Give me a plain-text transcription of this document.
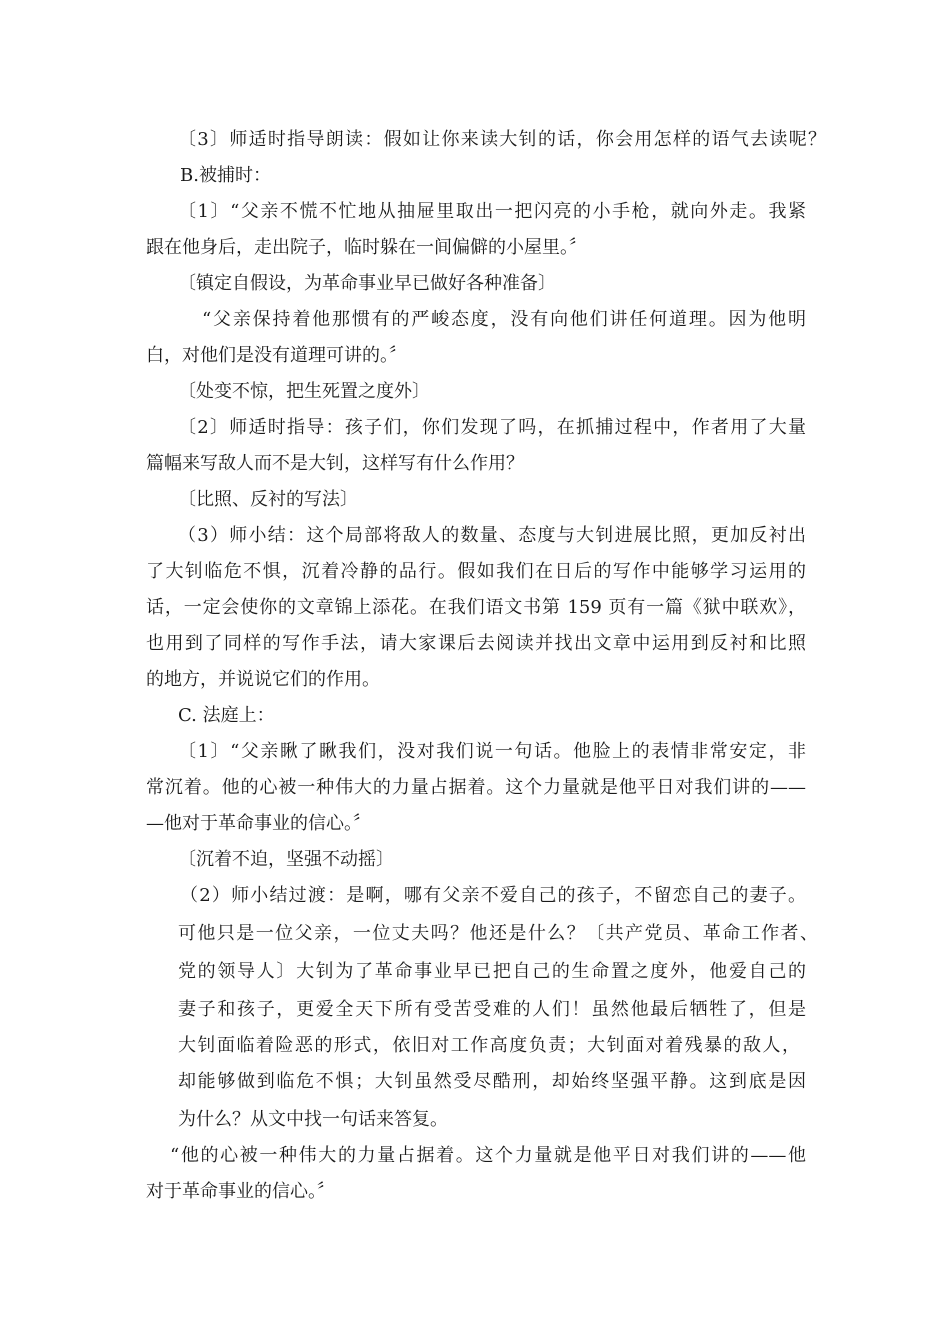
〔3〕师适时指导朗读：假如让你来读大钊的话，你会用怎样的语气去读呢？
B.被捕时：
〔1〕“父亲不慌不忙地从抽屉里取出一把闪亮的小手枪，就向外走。我紧
跟在他身后，走出院子，临时躲在一间偏僻的小屋里。〞
〔镇定自假设，为革命事业早已做好各种准备〕
“父亲保持着他那惯有的严峻态度，没有向他们讲任何道理。因为他明
白，对他们是没有道理可讲的。〞
〔处变不惊，把生死置之度外〕
〔2〕师适时指导：孩子们，你们发现了吗，在抓捕过程中，作者用了大量
篇幅来写敌人而不是大钊，这样写有什么作用？
〔比照、反衬的写法〕
（3）师小结：这个局部将敌人的数量、态度与大钊进展比照，更加反衬出
了大钊临危不惧，沉着冷静的品行。假如我们在日后的写作中能够学习运用的
话，一定会使你的文章锦上添花。在我们语文书第 159 页有一篇《狱中联欢》，
也用到了同样的写作手法，请大家课后去阅读并找出文章中运用到反衬和比照
的地方，并说说它们的作用。
C. 法庭上：
〔1〕“父亲瞅了瞅我们，没对我们说一句话。他脸上的表情非常安定，非
常沉着。他的心被一种伟大的力量占据着。这个力量就是他平日对我们讲的——
—他对于革命事业的信心。〞
〔沉着不迫，坚强不动摇〕
（2）师小结过渡：是啊，哪有父亲不爱自己的孩子，不留恋自己的妻子。
可他只是一位父亲，一位丈夫吗？他还是什么？〔共产党员、革命工作者、
党的领导人〕大钊为了革命事业早已把自己的生命置之度外，他爱自己的
妻子和孩子，更爱全天下所有受苦受难的人们！虽然他最后牺牲了，但是
大钊面临着险恶的形式，依旧对工作高度负责；大钊面对着残暴的敌人，
却能够做到临危不惧；大钊虽然受尽酷刑，却始终坚强平静。这到底是因
为什么？从文中找一句话来答复。
“他的心被一种伟大的力量占据着。这个力量就是他平日对我们讲的——他
对于革命事业的信心。〞
